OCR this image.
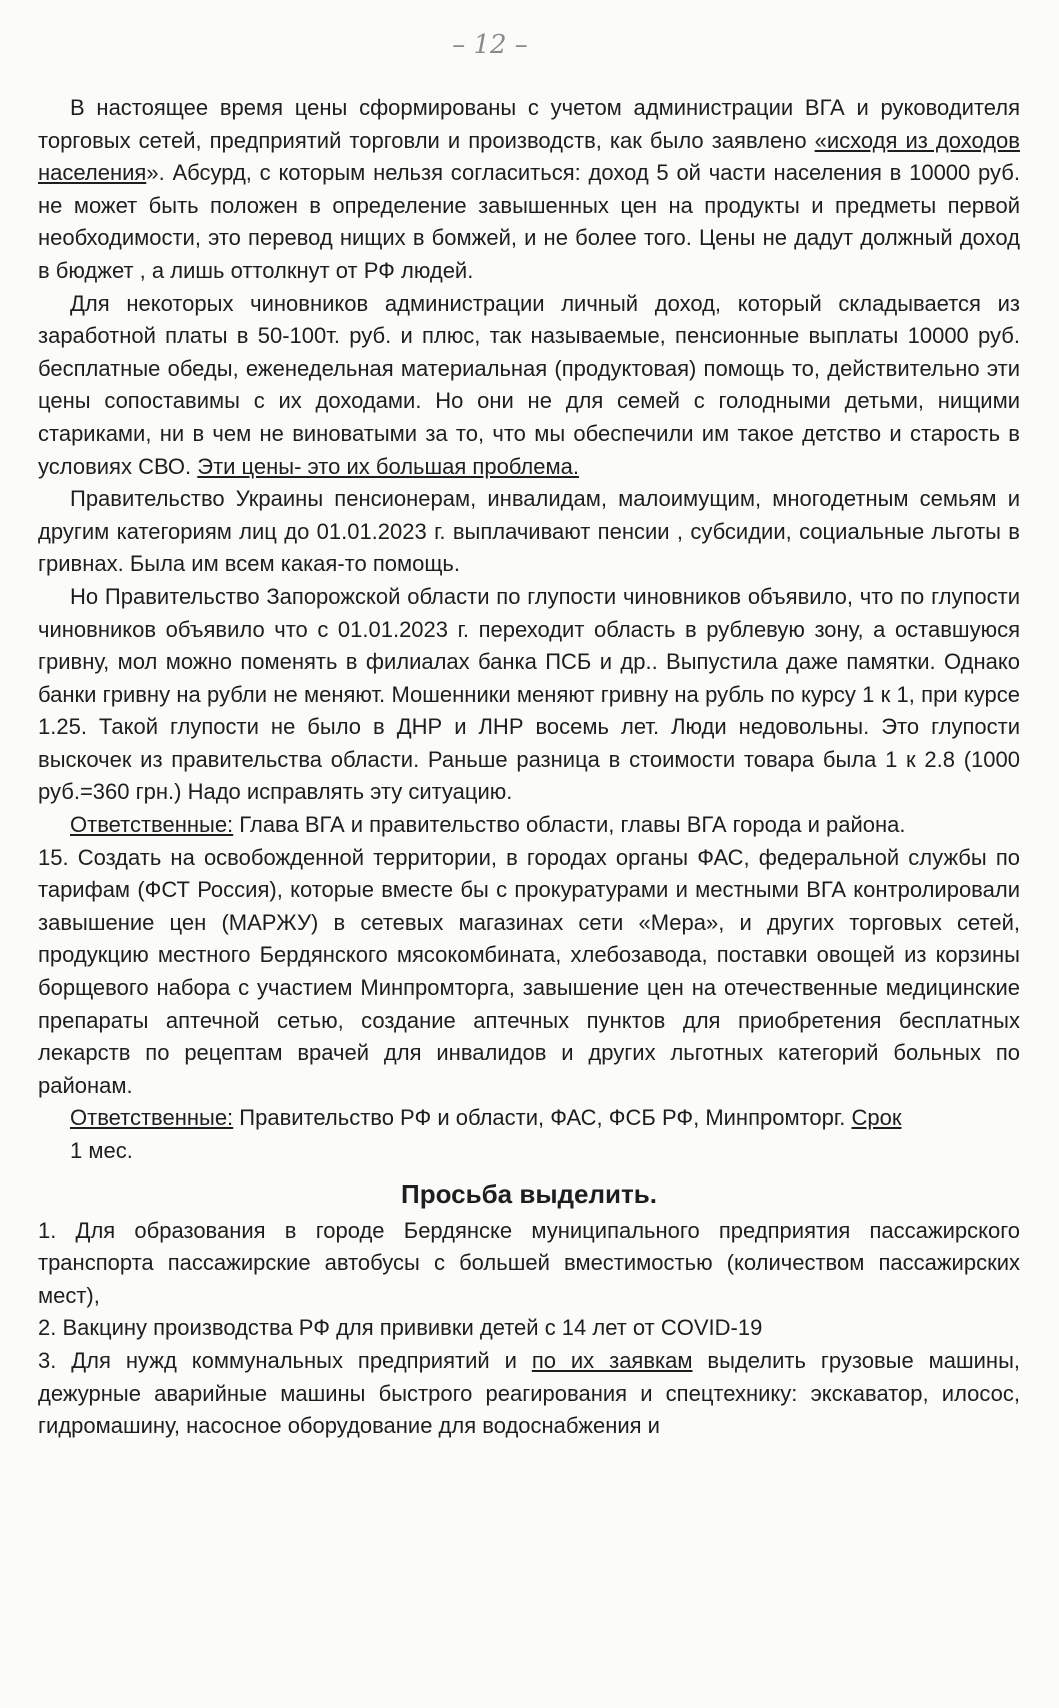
– 12 –

В настоящее время цены сформированы с учетом администрации ВГА и руководителя торговых сетей, предприятий торговли и производств, как было заявлено «исходя из доходов населения». Абсурд, с которым нельзя согласиться: доход 5 ой части населения в 10000 руб. не может быть положен в определение завышенных цен на продукты и предметы первой необходимости, это перевод нищих в бомжей, и не более того. Цены не дадут должный доход в бюджет , а лишь оттолкнут от РФ людей.

Для некоторых чиновников администрации личный доход, который складывается из заработной платы в 50-100т. руб. и плюс, так называемые, пенсионные выплаты 10000 руб. бесплатные обеды, еженедельная материальная (продуктовая) помощь то, действительно эти цены сопоставимы с их доходами. Но они не для семей с голодными детьми, нищими стариками, ни в чем не виноватыми за то, что мы обеспечили им такое детство и старость в условиях СВО. Эти цены- это их большая проблема.

Правительство Украины пенсионерам, инвалидам, малоимущим, многодетным семьям и другим категориям лиц до 01.01.2023 г. выплачивают пенсии , субсидии, социальные льготы в гривнах. Была им всем какая-то помощь.

Но Правительство Запорожской области по глупости чиновников объявило, что по глупости чиновников объявило что с 01.01.2023 г. переходит область в рублевую зону, а оставшуюся гривну, мол можно поменять в филиалах банка ПСБ и др.. Выпустила даже памятки. Однако банки гривну на рубли не меняют. Мошенники меняют гривну на рубль по курсу 1 к 1, при курсе 1.25. Такой глупости не было в ДНР и ЛНР восемь лет. Люди недовольны. Это глупости выскочек из правительства области. Раньше разница в стоимости товара была 1 к 2.8 (1000 руб.=360 грн.) Надо исправлять эту ситуацию.

Ответственные: Глава ВГА и правительство области, главы ВГА города и района.

15. Создать на освобожденной территории, в городах органы ФАС, федеральной службы по тарифам (ФСТ Россия), которые вместе бы с прокуратурами и местными ВГА контролировали завышение цен (МАРЖУ) в сетевых магазинах сети «Мера», и других торговых сетей, продукцию местного Бердянского мясокомбината, хлебозавода, поставки овощей из корзины борщевого набора с участием Минпромторга, завышение цен на отечественные медицинские препараты аптечной сетью, создание аптечных пунктов для приобретения бесплатных лекарств по рецептам врачей для инвалидов и других льготных категорий больных по районам.

Ответственные: Правительство РФ и области, ФАС, ФСБ РФ, Минпромторг. Срок

1 мес.

Просьба выделить.

1. Для образования в городе Бердянске муниципального предприятия пассажирского транспорта пассажирские автобусы с большей вместимостью (количеством пассажирских мест),

2. Вакцину производства РФ для прививки детей с 14 лет от COVID-19

3. Для нужд коммунальных предприятий и по их заявкам выделить грузовые машины, дежурные аварийные машины быстрого реагирования и спецтехнику: экскаватор, илосос, гидромашину, насосное оборудование для водоснабжения и
